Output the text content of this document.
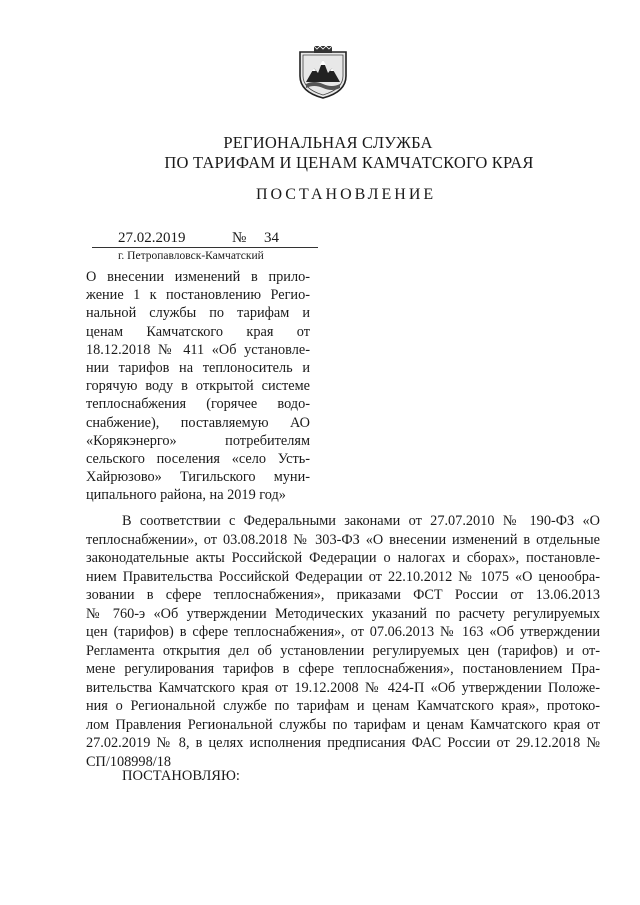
РЕГИОНАЛЬНАЯ СЛУЖБА
ПО ТАРИФАМ И ЦЕНАМ КАМЧАТСКОГО КРАЯ
ПОСТАНОВЛЕНИЕ
27.02.2019	№ 34
г. Петропавловск-Камчатский
О внесении изменений в прило-
жение 1 к постановлению Регио-
нальной службы по тарифам и
ценам Камчатского края от
18.12.2018 № 411 «Об установле-
нии тарифов на теплоноситель и
горячую воду в открытой системе
теплоснабжения (горячее водо-
снабжение), поставляемую АО
«Корякэнерго» потребителям
сельского поселения «село Усть-
Хайрюзово» Тигильского муни-
ципального района, на 2019 год»
В соответствии с Федеральными законами от 27.07.2010 № 190-ФЗ «О
теплоснабжении», от 03.08.2018 № 303-ФЗ «О внесении изменений в отдельные
законодательные акты Российской Федерации о налогах и сборах», постановле-
нием Правительства Российской Федерации от 22.10.2012 № 1075 «О ценообра-
зовании в сфере теплоснабжения», приказами ФСТ России от 13.06.2013
№ 760-э «Об утверждении Методических указаний по расчету регулируемых
цен (тарифов) в сфере теплоснабжения», от 07.06.2013 № 163 «Об утверждении
Регламента открытия дел об установлении регулируемых цен (тарифов) и от-
мене регулирования тарифов в сфере теплоснабжения», постановлением Пра-
вительства Камчатского края от 19.12.2008 № 424-П «Об утверждении Положе-
ния о Региональной службе по тарифам и ценам Камчатского края», протоко-
лом Правления Региональной службы по тарифам и ценам Камчатского края от
27.02.2019 № 8, в целях исполнения предписания ФАС России от 29.12.2018 №
СП/108998/18
ПОСТАНОВЛЯЮ:
